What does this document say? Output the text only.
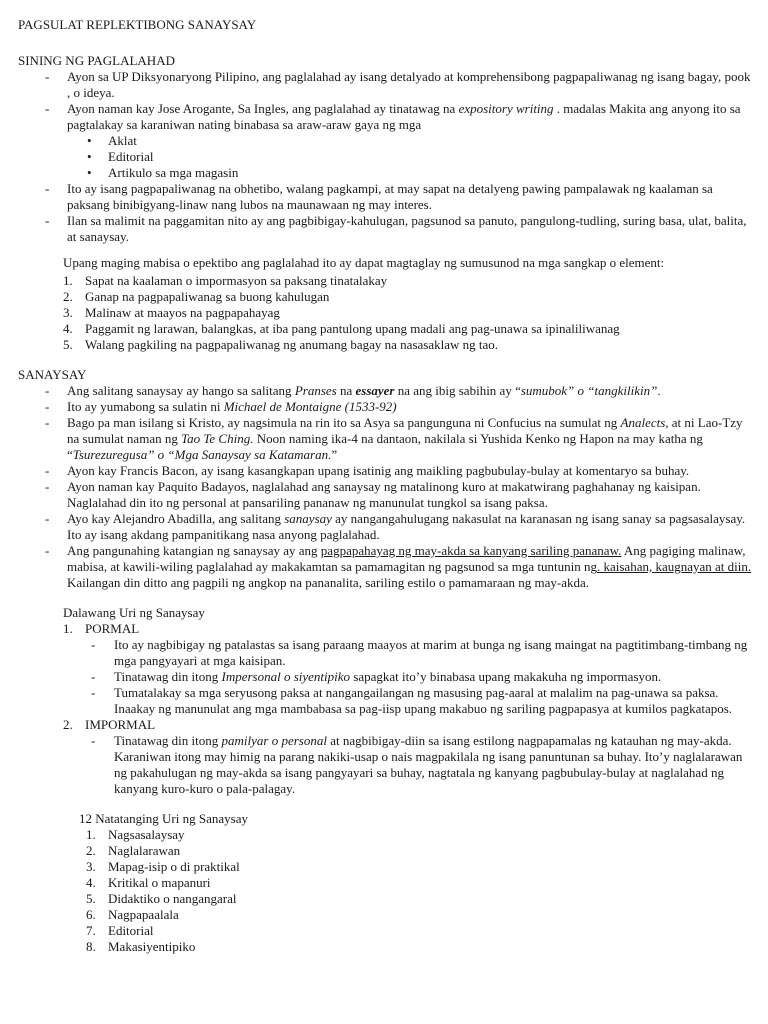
PAGSULAT REPLEKTIBONG SANAYSAY
SINING NG PAGLALAHAD
- Ayon sa UP Diksyonaryong Pilipino, ang paglalahad ay isang detalyado at komprehensibong pagpapaliwanag ng isang bagay, pook , o ideya.
- Ayon naman kay Jose Arogante, Sa Ingles, ang paglalahad ay tinatawag na expository writing . madalas Makita ang anyong ito sa pagtalakay sa karaniwan nating binabasa sa araw-araw gaya ng mga
• Aklat
• Editorial
• Artikulo sa mga magasin
- Ito ay isang pagpapaliwanag na obhetibo, walang pagkampi, at may sapat na detalyeng pawing pampalawak ng kaalaman sa paksang binibigyang-linaw nang lubos na maunawaan ng may interes.
- Ilan sa malimit na paggamitan nito ay ang pagbibigay-kahulugan, pagsunod sa panuto, pangulong-tudling, suring basa, ulat, balita, at sanaysay.
Upang maging mabisa o epektibo ang paglalahad ito ay dapat magtaglay ng sumusunod na mga sangkap o element:
1. Sapat na kaalaman o impormasyon sa paksang tinatalakay
2. Ganap na pagpapaliwanag sa buong kahulugan
3. Malinaw at maayos na pagpapahayag
4. Paggamit ng larawan, balangkas, at iba pang pantulong upang madali ang pag-unawa sa ipinaliliwanag
5. Walang pagkiling na pagpapaliwanag ng anumang bagay na nasasaklaw ng tao.
SANAYSAY
- Ang salitang sanaysay ay hango sa salitang Pranses na essayer na ang ibig sabihin ay “sumubok” o “tangkilikin”.
- Ito ay yumabong sa sulatin ni Michael de Montaigne (1533-92)
- Bago pa man isilang si Kristo, ay nagsimula na rin ito sa Asya sa pangunguna ni Confucius na sumulat ng Analects, at ni Lao-Tzy na sumulat naman ng Tao Te Ching. Noon naming ika-4 na dantaon, nakilala si Yushida Kenko ng Hapon na may katha ng “Tsurezuregusa” o “Mga Sanaysay sa Katamaran.”
- Ayon kay Francis Bacon, ay isang kasangkapan upang isatinig ang maikling pagbubulay-bulay at komentaryo sa buhay.
- Ayon naman kay Paquito Badayos, naglalahad ang sanaysay ng matalinong kuro at makatwirang paghahanay ng kaisipan. Naglalahad din ito ng personal at pansariling pananaw ng manunulat tungkol sa isang paksa.
- Ayo kay Alejandro Abadilla, ang salitang sanaysay ay nangangahulugang nakasulat na karanasan ng isang sanay sa pagsasalaysay. Ito ay isang akdang pampanitikang nasa anyong paglalahad.
- Ang pangunahing katangian ng sanaysay ay ang pagpapahayag ng may-akda sa kanyang sariling pananaw. Ang pagiging malinaw, mabisa, at kawili-wiling paglalahad ay makakamtan sa pamamagitan ng pagsunod sa mga tuntunin ng. kaisahan, kaugnayan at diin. Kailangan din ditto ang pagpili ng angkop na pananalita, sariling estilo o pamamaraan ng may-akda.
Dalawang Uri ng Sanaysay
1. PORMAL
- Ito ay nagbibigay ng patalastas sa isang paraang maayos at marim at bunga ng isang maingat na pagtitimbang-timbang ng mga pangyayari at mga kaisipan.
- Tinatawag din itong Impersonal o siyentipiko sapagkat ito’y binabasa upang makakuha ng impormasyon.
- Tumatalakay sa mga seryusong paksa at nangangailangan ng masusing pag-aaral at malalim na pag-unawa sa paksa. Inaakay ng manunulat ang mga mambabasa sa pag-iisp upang makabuo ng sariling pagpapasya at kumilos pagkatapos.
2. IMPORMAL
- Tinatawag din itong pamilyar o personal at nagbibigay-diin sa isang estilong nagpapamalas ng katauhan ng may-akda. Karaniwan itong may himig na parang nakiki-usap o nais magpakilala ng isang panuntunan sa buhay. Ito’y naglalarawan ng pakahulugan ng may-akda sa isang pangyayari sa buhay, nagtatala ng kanyang pagbubulay-bulay at naglalahad ng kanyang kuro-kuro o pala-palagay.
12 Natatanging Uri ng Sanaysay
1. Nagsasalaysay
2. Naglalarawan
3. Mapag-isip o di praktikal
4. Kritikal o mapanuri
5. Didaktiko o nangangaral
6. Nagpapaalala
7. Editorial
8. Makasiyentipiko
